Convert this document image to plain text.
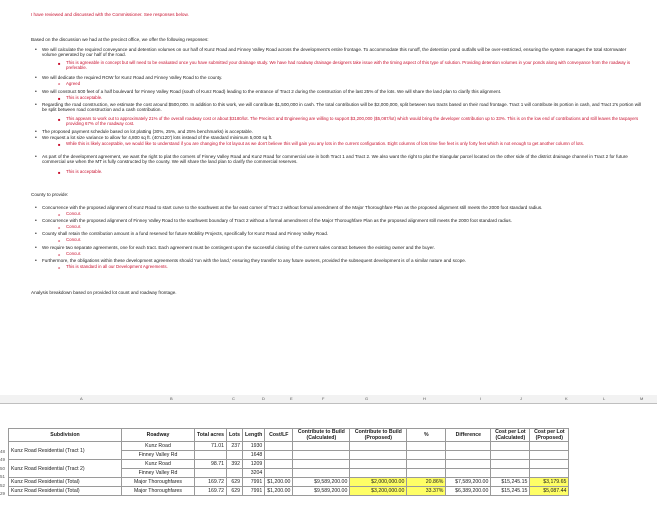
I have reviewed and discussed with the Commissioner. See responses below.
Based on the discussion we had at the precinct office, we offer the following responses:
• We will calculate the required conveyance and detention volumes on our half of Kunz Road and Finney Valley Road across the development's entire frontage. To accommodate this runoff, the detention pond outfalls will be over-restricted, ensuring the system manages the total stormwater volume generated by our half of the road.
■ This is agreeable in concept but will need to be evaluated once you have submitted your drainage study. We have had roadway drainage designers take issue with the timing aspect of this type of solution. Providing detention volumes in your ponds along with conveyance from the roadway is preferable.
• We will dedicate the required ROW for Kunz Road and Finney Valley Road to the county.
o Agreed
• We will construct 500 feet of a half boulevard for Finney Valley Road (south of Kunz Road) leading to the entrance of Tract 2 during the construction of the last 25% of the lots. We will share the land plan to clarify this alignment.
■ This is acceptable.
• Regarding the road construction, we estimate the cost around $500,000. In addition to this work, we will contribute $1,500,000 in cash. The total contribution will be $2,000,000, split between two tracts based on their road frontage. Tract 1 will contribute its portion in cash, and Tract 2's portion will be split between road construction and a cash contribution.
■ This appears to work out to approximately 21% of the overall roadway cost or about $3180/lot. The Precinct and Engineering are willing to support $3,200,000 ($5,087/lot) which would bring the developer contribution up to 33%. This is on the low end of contributions and still leaves the taxpayers providing 67% of the roadway cost.
• The proposed payment schedule based on lot platting (30%, 25%, and 25% benchmarks) is acceptable.
• We request a lot size variance to allow for 4,800 sq ft. (40'x120') lots instead of the standard minimum 5,000 sq ft.
■ While this is likely acceptable, we would like to understand if you are changing the lot layout as we don't believe this will gain you any lots in the current configuration. Eight columns of lots time five feet is only forty feet which is not enough to get another column of lots.
• As part of the development agreement, we want the right to plat the corners of Finney Valley Road and Kunz Road for commercial use in both Tract 1 and Tract 2. We also want the right to plat the triangular parcel located on the other side of the district drainage channel in Tract 2 for future commercial use when the MT is fully constructed by the county. We will share the land plan to clarify the commercial reserves.
■ This is acceptable.
County to provide:
• Concurrence with the proposed alignment of Kunz Road to start curve to the southwest at the far east corner of Tract 2 without formal amendment of the Major Thoroughfare Plan as the proposed alignment still meets the 2000 foot standard radius.
o Concur.
• Concurrence with the proposed alignment of Finney Valley Road to the southwest boundary of Tract 2 without a formal amendment of the Major Thoroughfare Plan as the proposed alignment still meets the 2000 foot standard radius.
o Concur.
• County shall retain the contribution amount in a fund reserved for future Mobility Projects, specifically for Kunz Road and Finney Valley Road.
o Concur.
• We require two separate agreements, one for each tract. Each agreement must be contingent upon the successful closing of the current sales contract between the existing owner and the buyer.
o Concur.
• Furthermore, the obligations within these development agreements should 'run with the land,' ensuring they transfer to any future owners, provided the subsequent development is of a similar nature and scope.
o This is standard in all our Development Agreements.
Analysis breakdown based on provided lot count and roadway frontage.
A	B	C	D	E	F	G	H	I	J	K	L	M
48
49
50
51
52
29
Subdivision	Roadway	Total acres	Lots	Length	Cost/LF	Contribute to Build (Calculated)	Contribute to Build (Proposed)	%	Difference	Cost per Lot (Calculated)	Cost per Lot (Proposed)
Kunz Road Residential (Tract 1)	Kunz Road	71.01	237	1930							
	Finney Valley Rd			1648							
Kunz Road Residential (Tract 2)	Kunz Road	98.71	392	1209							
	Finney Valley Rd			3204							
Kunz Road Residential (Total)	Major Thoroughfares	169.72	629	7991	$1,200.00	$9,589,200.00	$2,000,000.00	20.86%	$7,589,200.00	$15,245.15	$3,179.65
Kunz Road Residential (Total)	Major Thoroughfares	169.72	629	7991	$1,200.00	$9,589,200.00	$3,200,000.00	33.37%	$6,389,200.00	$15,245.15	$5,087.44
